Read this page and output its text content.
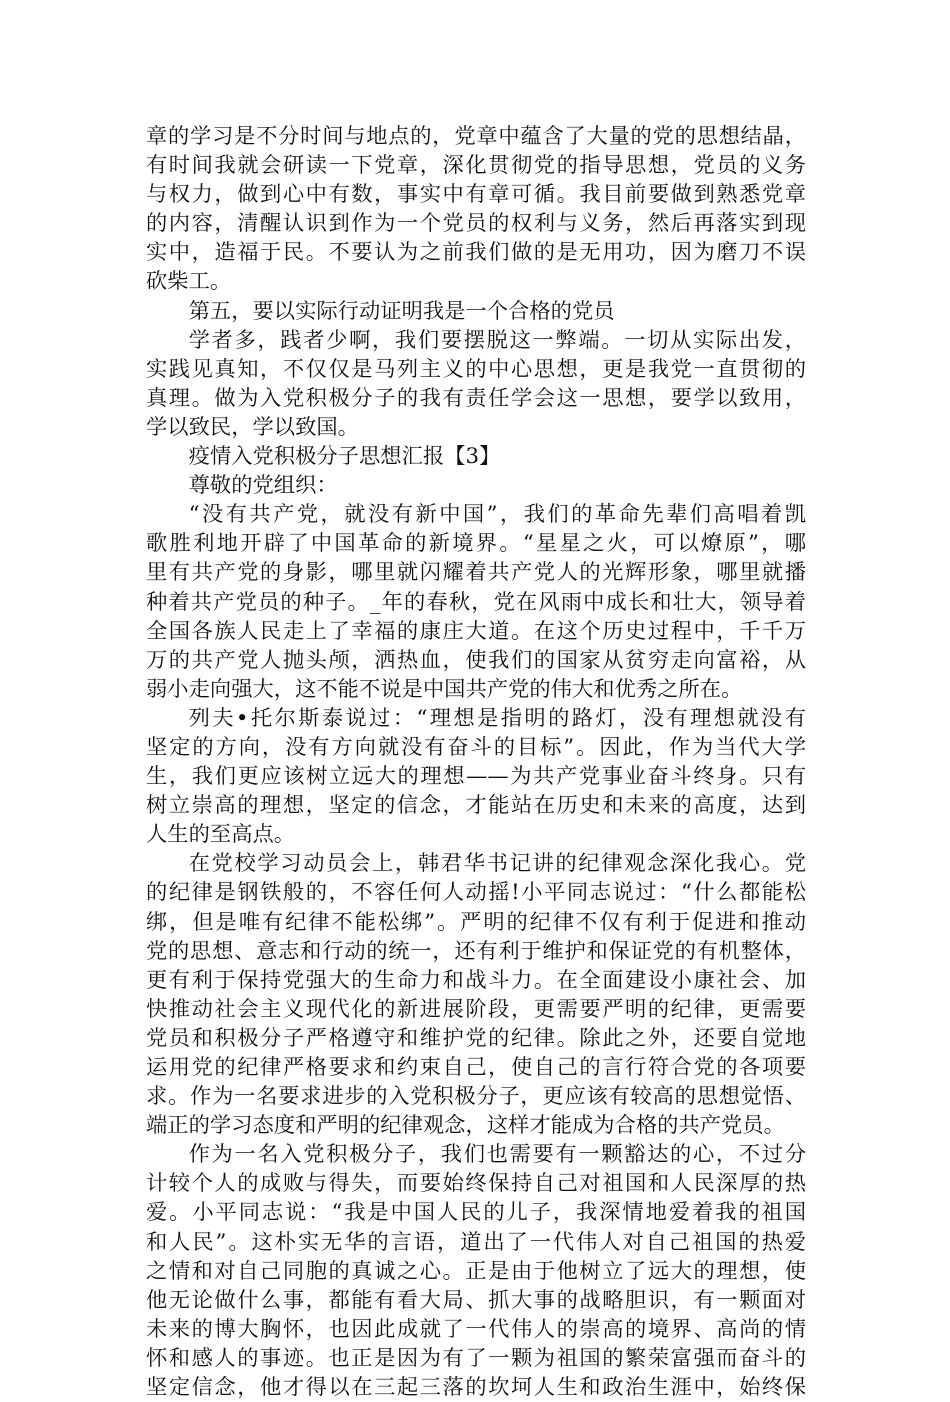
章的学习是不分时间与地点的，党章中蕴含了大量的党的思想结晶，
有时间我就会研读一下党章，深化贯彻党的指导思想，党员的义务
与权力，做到心中有数，事实中有章可循。我目前要做到熟悉党章
的内容，清醒认识到作为一个党员的权利与义务，然后再落实到现
实中，造福于民。不要认为之前我们做的是无用功，因为磨刀不误
砍柴工。
第五，要以实际行动证明我是一个合格的党员
学者多，践者少啊，我们要摆脱这一弊端。一切从实际出发，
实践见真知，不仅仅是马列主义的中心思想，更是我党一直贯彻的
真理。做为入党积极分子的我有责任学会这一思想，要学以致用，
学以致民，学以致国。
疫情入党积极分子思想汇报【3】
尊敬的党组织：
“没有共产党，就没有新中国”，我们的革命先辈们高唱着凯
歌胜利地开辟了中国革命的新境界。“星星之火，可以燎原”，哪
里有共产党的身影，哪里就闪耀着共产党人的光辉形象，哪里就播
种着共产党员的种子。_年的春秋，党在风雨中成长和壮大，领导着
全国各族人民走上了幸福的康庄大道。在这个历史过程中，千千万
万的共产党人抛头颅，洒热血，使我们的国家从贫穷走向富裕，从
弱小走向强大，这不能不说是中国共产党的伟大和优秀之所在。
列夫•托尔斯泰说过：“理想是指明的路灯，没有理想就没有
坚定的方向，没有方向就没有奋斗的目标”。因此，作为当代大学
生，我们更应该树立远大的理想——为共产党事业奋斗终身。只有
树立崇高的理想，坚定的信念，才能站在历史和未来的高度，达到
人生的至高点。
在党校学习动员会上，韩君华书记讲的纪律观念深化我心。党
的纪律是钢铁般的，不容任何人动摇!小平同志说过：“什么都能松
绑，但是唯有纪律不能松绑”。严明的纪律不仅有利于促进和推动
党的思想、意志和行动的统一，还有利于维护和保证党的有机整体，
更有利于保持党强大的生命力和战斗力。在全面建设小康社会、加
快推动社会主义现代化的新进展阶段，更需要严明的纪律，更需要
党员和积极分子严格遵守和维护党的纪律。除此之外，还要自觉地
运用党的纪律严格要求和约束自己，使自己的言行符合党的各项要
求。作为一名要求进步的入党积极分子，更应该有较高的思想觉悟、
端正的学习态度和严明的纪律观念，这样才能成为合格的共产党员。
作为一名入党积极分子，我们也需要有一颗豁达的心，不过分
计较个人的成败与得失，而要始终保持自己对祖国和人民深厚的热
爱。小平同志说：“我是中国人民的儿子，我深情地爱着我的祖国
和人民”。这朴实无华的言语，道出了一代伟人对自己祖国的热爱
之情和对自己同胞的真诚之心。正是由于他树立了远大的理想，使
他无论做什么事，都能有看大局、抓大事的战略胆识，有一颗面对
未来的博大胸怀，也因此成就了一代伟人的崇高的境界、高尚的情
怀和感人的事迹。也正是因为有了一颗为祖国的繁荣富强而奋斗的
坚定信念，他才得以在三起三落的坎坷人生和政治生涯中，始终保
